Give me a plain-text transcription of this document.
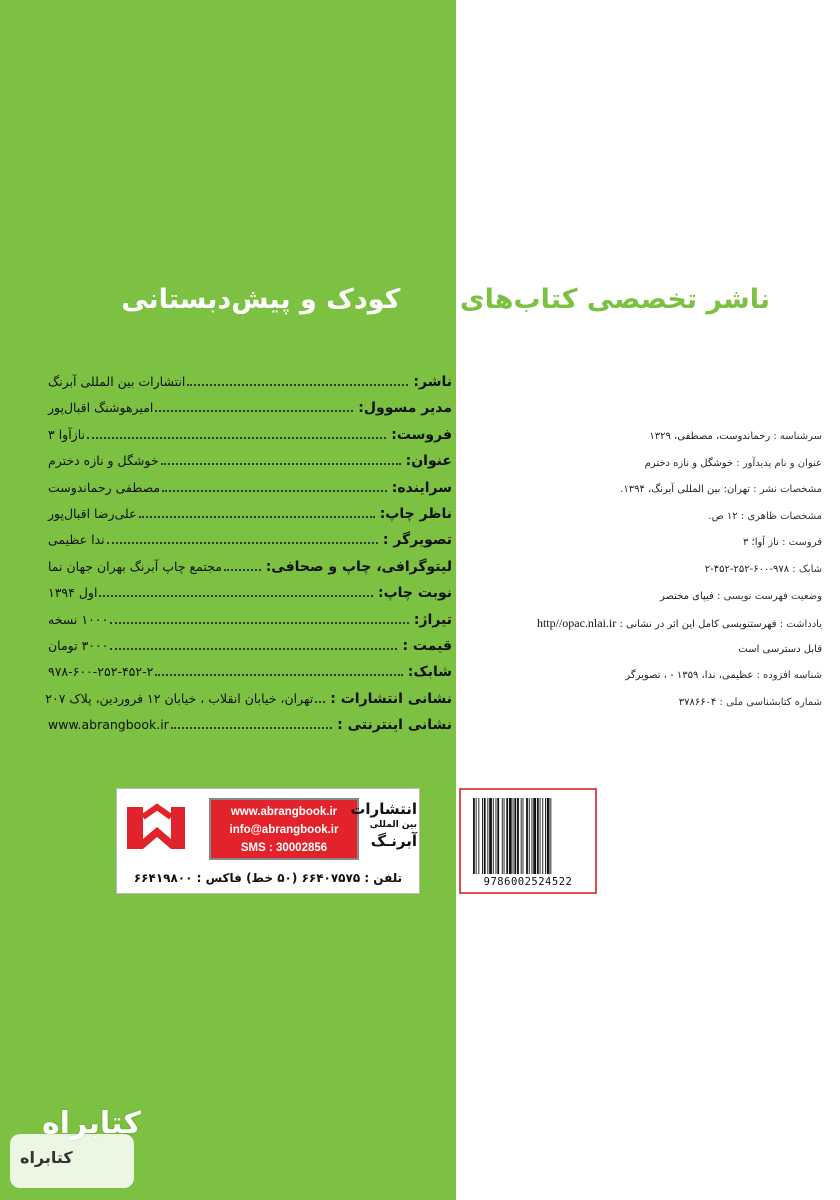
ناشر تخصصی کتاب‌های مهدکودک و پیش‌دبستانی
ناشر:
انتشارات بین المللی آبرنگ
مدیر مسوول:
امیرهوشنگ اقبال‌پور
فروست:
نازآوا ۳
عنوان:
خوشگل و نازه دخترم
سراینده:
مصطفی رحماندوست
ناظر چاپ:
علی‌رضا اقبال‌پور
تصویرگر :
ندا عظیمی
لیتوگرافی، چاپ و صحافی:
مجتمع چاپ آبرنگ بهران جهان نما
نوبت چاپ:
اول ۱۳۹۴
تیراژ:
۱۰۰۰ نسخه
قیمت :
۳۰۰۰ تومان
شابک:
۹۷۸-۶۰۰-۲۵۲-۴۵۲-۲
نشانی انتشارات :
تهران، خیابان انقلاب ، خیابان ۱۲ فروردین، پلاک ۲۰۷
نشانی اینترنتی :
www.abrangbook.ir
سرشناسه : رحماندوست، مصطفی، ۱۳۲۹
عنوان و نام پدیدآور : خوشگل و نازه دخترم
مشخصات نشر : تهران: بین المللی آبرنگ، ۱۳۹۴.
مشخصات ظاهری : ۱۲ ص.
فروست : ناز آوا؛ ۳
شابک : ۹۷۸-۶۰۰-۲۵۲-۴۵۲-۲
وضعیت فهرست نویسی : فیپای مختصر
یادداشت : فهرستنویسی کامل این اثر در نشانی : http//opac.nlai.ir
قابل دسترسی است
شناسه افزوده : عظیمی، ندا، ۱۳۵۹ - ، تصویرگر
شماره کتابشناسی ملی : ۳۷۸۶۶۰۴
www.abrangbook.ir
info@abrangbook.ir
SMS : 30002856
انتشارات
بین المللی
آبرنـگ
تلفن : ۶۶۴۰۷۵۷۵ (۵۰ خط) فاکس : ۶۶۴۱۹۸۰۰	9786002524522
کتابراه
کتابراه
